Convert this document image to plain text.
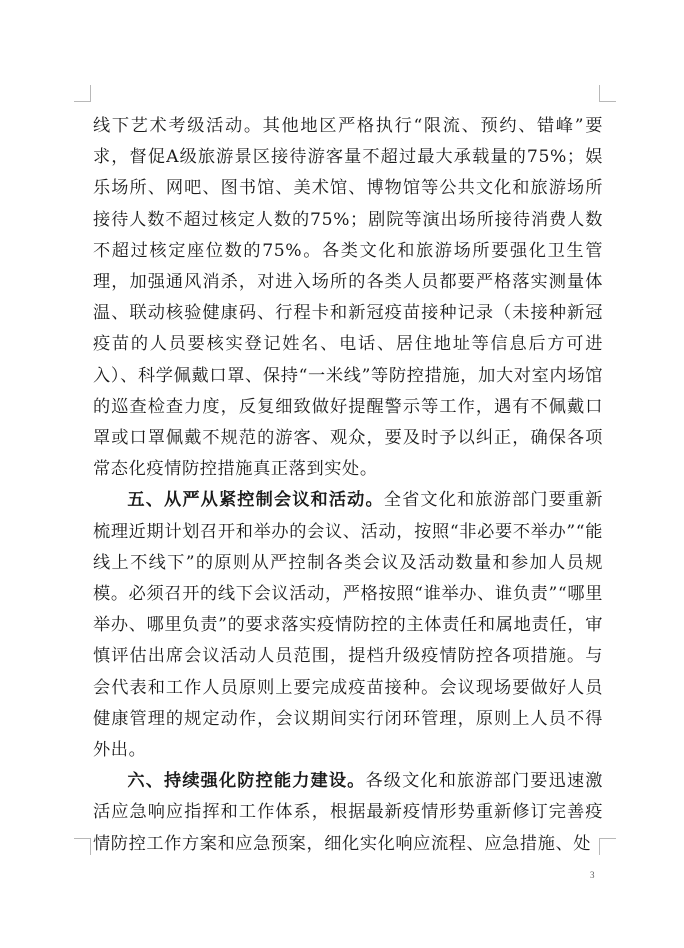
线下艺术考级活动。其他地区严格执行“限流、预约、错峰”要求，督促A级旅游景区接待游客量不超过最大承载量的75%；娱乐场所、网吧、图书馆、美术馆、博物馆等公共文化和旅游场所接待人数不超过核定人数的75%；剧院等演出场所接待消费人数不超过核定座位数的75%。各类文化和旅游场所要强化卫生管理，加强通风消杀，对进入场所的各类人员都要严格落实测量体温、联动核验健康码、行程卡和新冠疫苗接种记录（未接种新冠疫苗的人员要核实登记姓名、电话、居住地址等信息后方可进入）、科学佩戴口罩、保持“一米线”等防控措施，加大对室内场馆的巡查检查力度，反复细致做好提醒警示等工作，遇有不佩戴口罩或口罩佩戴不规范的游客、观众，要及时予以纠正，确保各项常态化疫情防控措施真正落到实处。

五、从严从紧控制会议和活动。全省文化和旅游部门要重新梳理近期计划召开和举办的会议、活动，按照“非必要不举办”“能线上不线下”的原则从严控制各类会议及活动数量和参加人员规模。必须召开的线下会议活动，严格按照“谁举办、谁负责”“哪里举办、哪里负责”的要求落实疫情防控的主体责任和属地责任，审慎评估出席会议活动人员范围，提档升级疫情防控各项措施。与会代表和工作人员原则上要完成疫苗接种。会议现场要做好人员健康管理的规定动作，会议期间实行闭环管理，原则上人员不得外出。

六、持续强化防控能力建设。各级文化和旅游部门要迅速激活应急响应指挥和工作体系，根据最新疫情形势重新修订完善疫情防控工作方案和应急预案，细化实化响应流程、应急措施、处

3
